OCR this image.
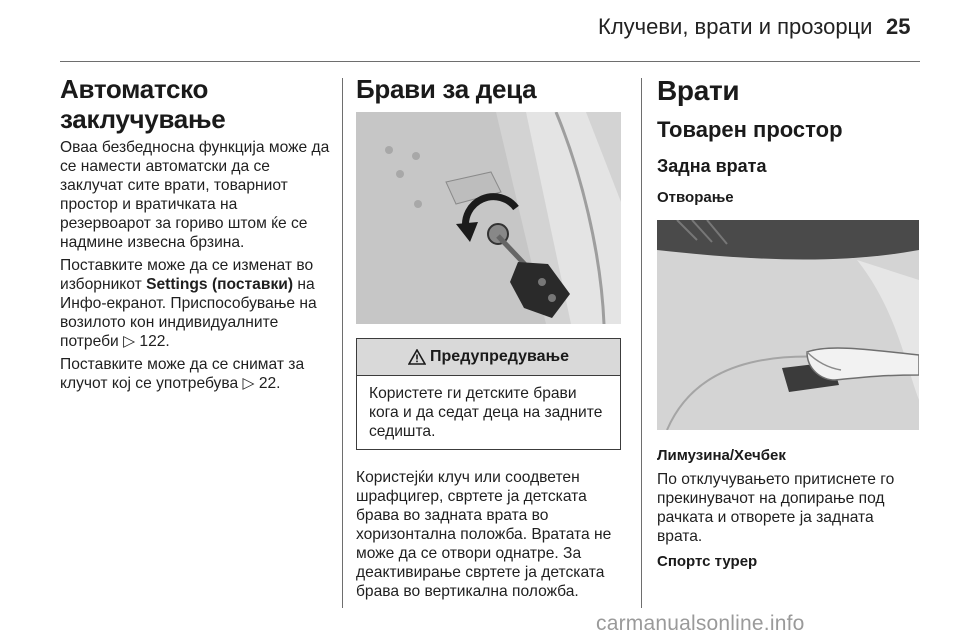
Клучеви, врати и прозорци 25
Автоматско заклучување

Оваа безбедносна функција може да се намести автоматски да се заклучат сите врати, товарниот простор и вратичката на резервоарот за гориво штом ќе се надмине извесна брзина.

Поставките може да се изменат во изборникот Settings (поставки) на Инфо-екранот. Приспособување на возилото кон индивидуалните потреби ▷ 122.

Поставките може да се снимат за клучот кој се употребува ▷ 22.

Брави за деца
Предупредување

Користете ги детските брави кога и да седат деца на задните седишта.

Користејќи клуч или соодветен шрафцигер, свртете ја детската брава во задната врата во хоризонтална положба. Вратата не може да се отвори однатре. За деактивирање свртете ја детската брава во вертикална положба.

Врати
Товарен простор
Задна врата
Отворање
Лимузина/Хечбек

По отклучувањето притиснете го прекинувачот на допирање под рачката и отворете ја задната врата.

Спортс турер
carmanualsonline.info
